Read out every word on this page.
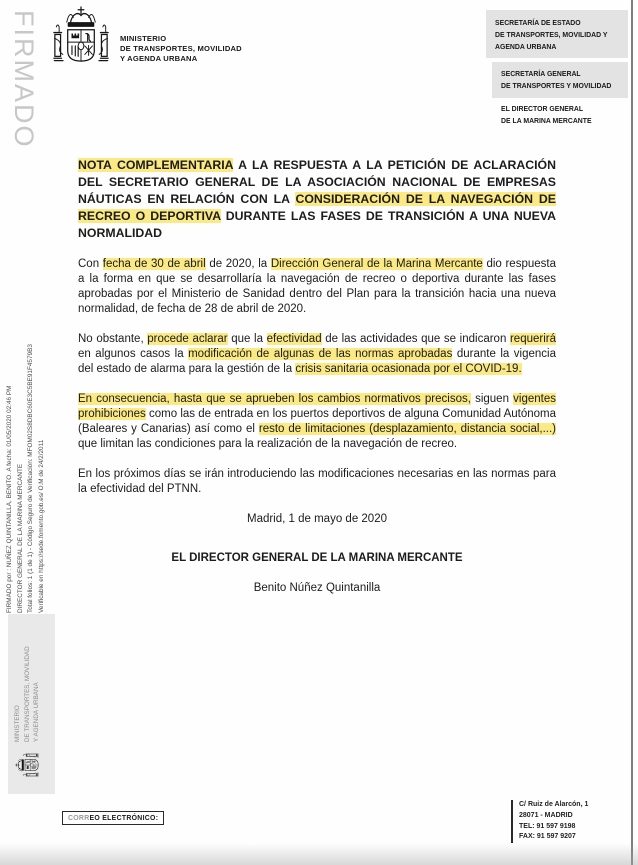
FIRMADO	MINISTERIO
DE TRANSPORTES, MOVILIDAD
Y AGENDA URBANA
SECRETARÍA DE ESTADO
DE TRANSPORTES, MOVILIDAD Y
AGENDA URBANA
SECRETARÍA GENERAL
DE TRANSPORTES Y MOVILIDAD
EL DIRECTOR GENERAL
DE LA MARINA MERCANTE

NOTA COMPLEMENTARIA A LA RESPUESTA A LA PETICIÓN DE ACLARACIÓN DEL SECRETARIO GENERAL DE LA ASOCIACIÓN NACIONAL DE EMPRESAS NÁUTICAS EN RELACIÓN CON LA CONSIDERACIÓN DE LA NAVEGACIÓN DE RECREO O DEPORTIVA DURANTE LAS FASES DE TRANSICIÓN A UNA NUEVA NORMALIDAD

Con fecha de 30 de abril de 2020, la Dirección General de la Marina Mercante dio respuesta a la forma en que se desarrollaría la navegación de recreo o deportiva durante las fases aprobadas por el Ministerio de Sanidad dentro del Plan para la transición hacia una nueva normalidad, de fecha de 28 de abril de 2020.

No obstante, procede aclarar que la efectividad de las actividades que se indicaron requerirá en algunos casos la modificación de algunas de las normas aprobadas durante la vigencia del estado de alarma para la gestión de la crisis sanitaria ocasionada por el COVID-19.

En consecuencia, hasta que se aprueben los cambios normativos precisos, siguen vigentes prohibiciones como las de entrada en los puertos deportivos de alguna Comunidad Autónoma (Baleares y Canarias) así como el resto de limitaciones (desplazamiento, distancia social,...) que limitan las condiciones para la realización de la navegación de recreo.

En los próximos días se irán introduciendo las modificaciones necesarias en las normas para la efectividad del PTNN.

Madrid, 1 de mayo de 2020

EL DIRECTOR GENERAL DE LA MARINA MERCANTE

Benito Núñez Quintanilla

FIRMADO por : NUÑEZ QUINTANILLA, BENITO. A fecha: 01/05/2020 02:46 PM DIRECTOR GENERAL DE LA MARINA MERCANTE Total folios: 1 (1 de 1) - Código Seguro de Verificación: MFOM02S8DBC60E3C5BE91F4579B3 Verificable en https://sede.fomento.gob.es/ O.M de 24/2/2011
MINISTERIO DE TRANSPORTES, MOVILIDAD Y AGENDA URBANA
CORREO ELECTRÓNICO:
C/ Ruiz de Alarcón, 1
28071 - MADRID
TEL: 91 597 9198
FAX: 91 597 9207
